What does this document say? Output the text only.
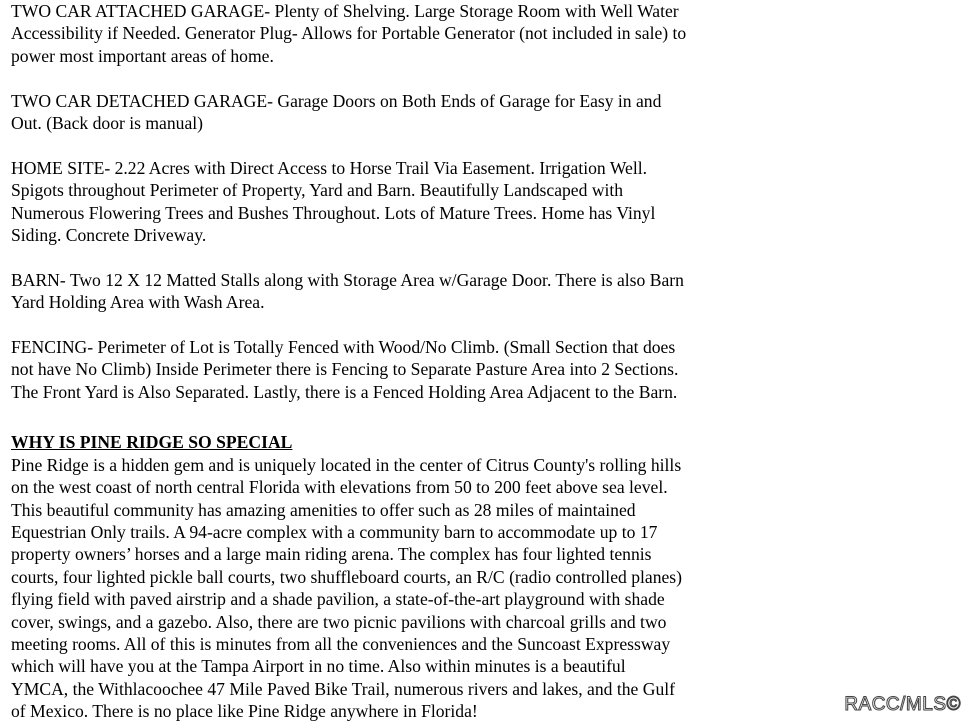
TWO CAR ATTACHED GARAGE- Plenty of Shelving. Large Storage Room with Well Water
Accessibility if Needed. Generator Plug- Allows for Portable Generator (not included in sale) to
power most important areas of home.
TWO CAR DETACHED GARAGE- Garage Doors on Both Ends of Garage for Easy in and
Out. (Back door is manual)
HOME SITE- 2.22 Acres with Direct Access to Horse Trail Via Easement. Irrigation Well.
Spigots throughout Perimeter of Property, Yard and Barn. Beautifully Landscaped with
Numerous Flowering Trees and Bushes Throughout. Lots of Mature Trees. Home has Vinyl
Siding. Concrete Driveway.
BARN- Two 12 X 12 Matted Stalls along with Storage Area w/Garage Door. There is also Barn
Yard Holding Area with Wash Area.
FENCING- Perimeter of Lot is Totally Fenced with Wood/No Climb. (Small Section that does
not have No Climb) Inside Perimeter there is Fencing to Separate Pasture Area into 2 Sections.
The Front Yard is Also Separated. Lastly, there is a Fenced Holding Area Adjacent to the Barn.
WHY IS PINE RIDGE SO SPECIAL
Pine Ridge is a hidden gem and is uniquely located in the center of Citrus County's rolling hills
on the west coast of north central Florida with elevations from 50 to 200 feet above sea level.
This beautiful community has amazing amenities to offer such as 28 miles of maintained
Equestrian Only trails. A 94-acre complex with a community barn to accommodate up to 17
property owners’ horses and a large main riding arena. The complex has four lighted tennis
courts, four lighted pickle ball courts, two shuffleboard courts, an R/C (radio controlled planes)
flying field with paved airstrip and a shade pavilion, a state-of-the-art playground with shade
cover, swings, and a gazebo. Also, there are two picnic pavilions with charcoal grills and two
meeting rooms. All of this is minutes from all the conveniences and the Suncoast Expressway
which will have you at the Tampa Airport in no time. Also within minutes is a beautiful
YMCA, the Withlacoochee 47 Mile Paved Bike Trail, numerous rivers and lakes, and the Gulf
of Mexico. There is no place like Pine Ridge anywhere in Florida!	RACC/MLS©
